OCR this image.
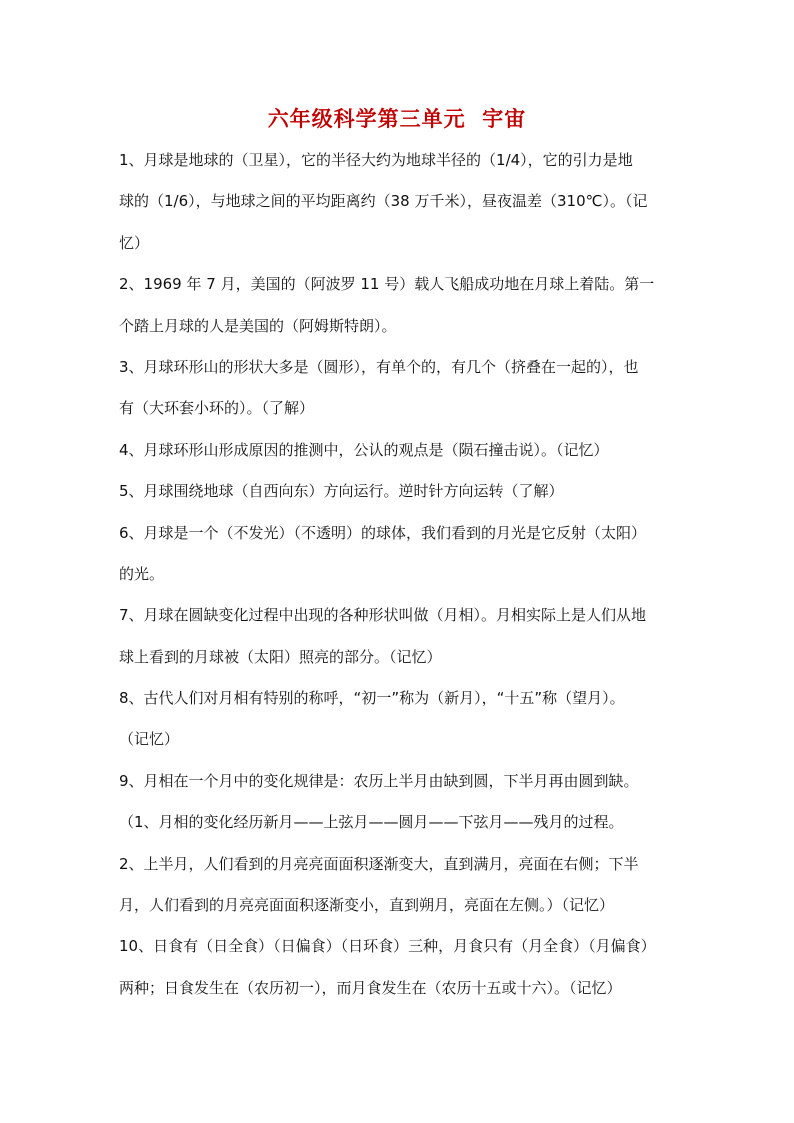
六年级科学第三单元  宇宙
1、月球是地球的（卫星），它的半径大约为地球半径的（1/4），它的引力是地
球的（1/6），与地球之间的平均距离约（38 万千米），昼夜温差（310℃）。（记
忆）
2、1969 年 7 月，美国的（阿波罗 11 号）载人飞船成功地在月球上着陆。第一
个踏上月球的人是美国的（阿姆斯特朗）。
3、月球环形山的形状大多是（圆形），有单个的，有几个（挤叠在一起的），也
有（大环套小环的）。（了解）
4、月球环形山形成原因的推测中，公认的观点是（陨石撞击说）。（记忆）
5、月球围绕地球（自西向东）方向运行。逆时针方向运转（了解）
6、月球是一个（不发光）（不透明）的球体，我们看到的月光是它反射（太阳）
的光。
7、月球在圆缺变化过程中出现的各种形状叫做（月相）。月相实际上是人们从地
球上看到的月球被（太阳）照亮的部分。（记忆）
8、古代人们对月相有特别的称呼，“初一”称为（新月），“十五”称（望月）。
（记忆）
9、月相在一个月中的变化规律是：农历上半月由缺到圆，下半月再由圆到缺。
（1、月相的变化经历新月——上弦月——圆月——下弦月——残月的过程。
2、上半月，人们看到的月亮亮面面积逐渐变大，直到满月，亮面在右侧；下半
月，人们看到的月亮亮面面积逐渐变小，直到朔月，亮面在左侧。）（记忆）
10、日食有（日全食）（日偏食）（日环食）三种，月食只有（月全食）（月偏食）
两种；日食发生在（农历初一），而月食发生在（农历十五或十六）。（记忆）
